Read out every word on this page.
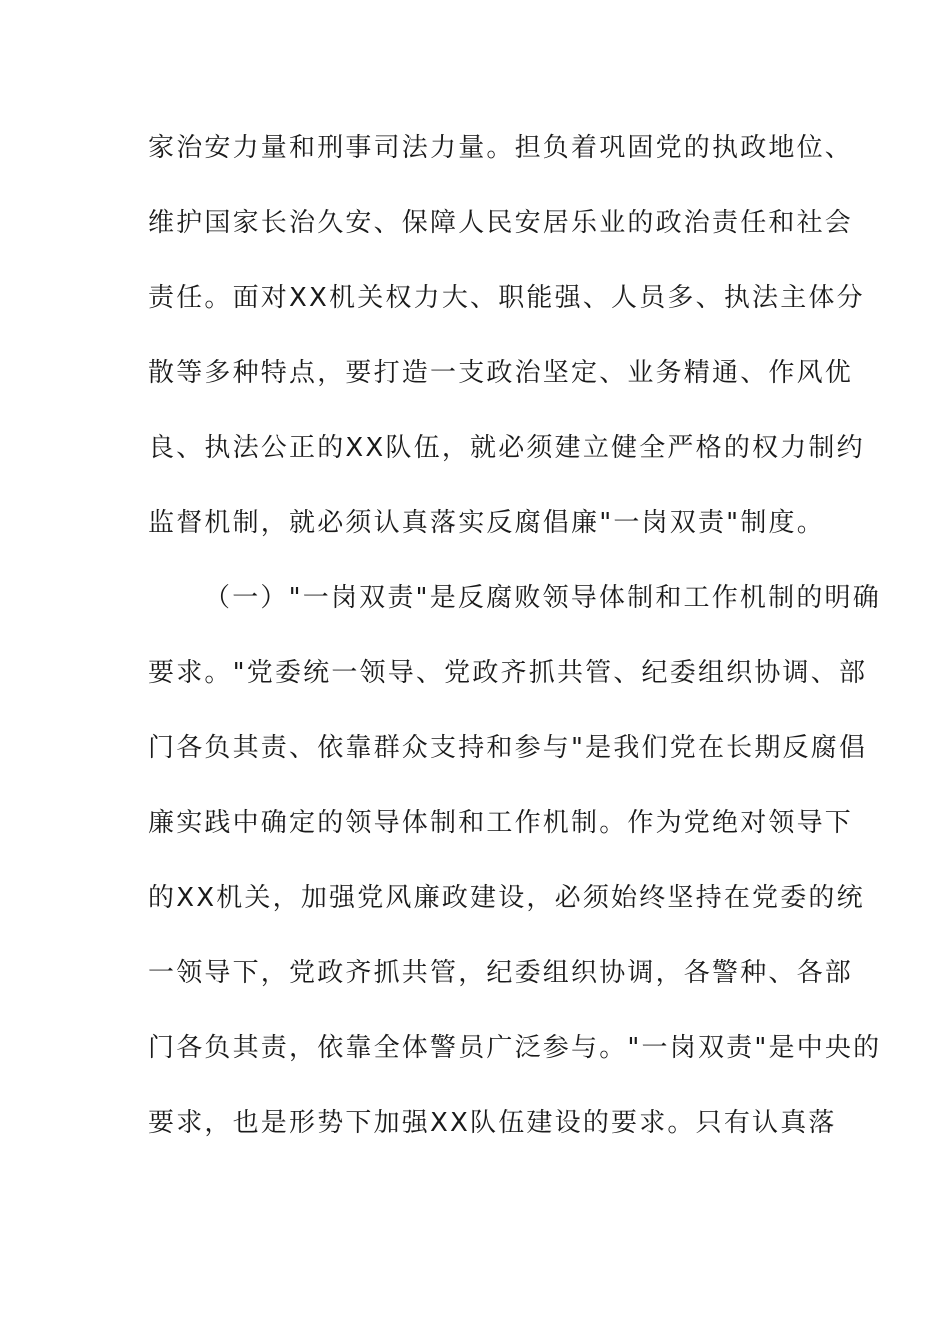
家治安力量和刑事司法力量。担负着巩固党的执政地位、
维护国家长治久安、保障人民安居乐业的政治责任和社会
责任。面对XX机关权力大、职能强、人员多、执法主体分
散等多种特点，要打造一支政治坚定、业务精通、作风优
良、执法公正的XX队伍，就必须建立健全严格的权力制约
监督机制，就必须认真落实反腐倡廉"一岗双责"制度。
（一）"一岗双责"是反腐败领导体制和工作机制的明确
要求。"党委统一领导、党政齐抓共管、纪委组织协调、部
门各负其责、依靠群众支持和参与"是我们党在长期反腐倡
廉实践中确定的领导体制和工作机制。作为党绝对领导下
的XX机关，加强党风廉政建设，必须始终坚持在党委的统
一领导下，党政齐抓共管，纪委组织协调，各警种、各部
门各负其责，依靠全体警员广泛参与。"一岗双责"是中央的
要求，也是形势下加强XX队伍建设的要求。只有认真落
